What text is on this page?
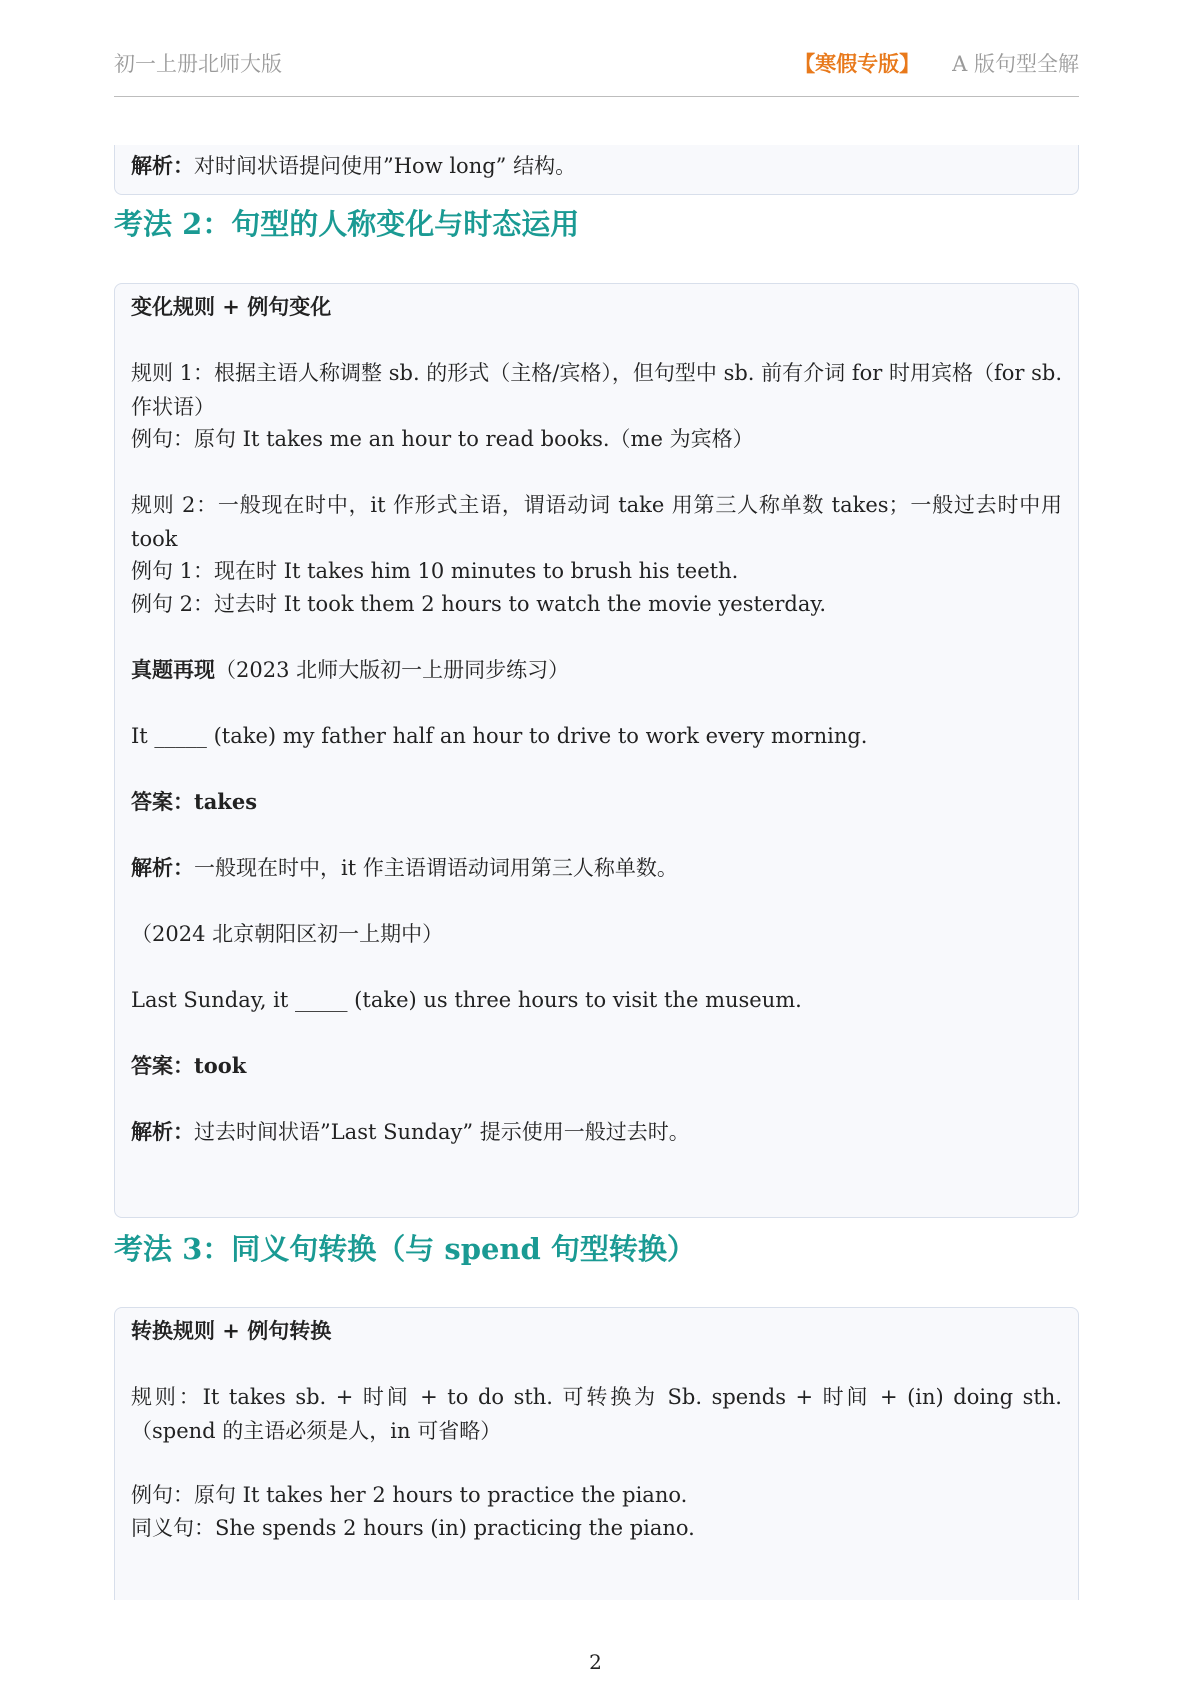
初一上册北师大版	【寒假专版】 A 版句型全解
解析：对时间状语提问使用”How long” 结构。
考法 2：句型的人称变化与时态运用
变化规则 + 例句变化
规则 1：根据主语人称调整 sb. 的形式（主格/宾格），但句型中 sb. 前有介词 for 时用宾格（for sb. 作状语）
例句：原句 It takes me an hour to read books.（me 为宾格）
规则 2：一般现在时中，it 作形式主语，谓语动词 take 用第三人称单数 takes；一般过去时中用 took
例句 1：现在时 It takes him 10 minutes to brush his teeth.
例句 2：过去时 It took them 2 hours to watch the movie yesterday.
真题再现（2023 北师大版初一上册同步练习）
It _____ (take) my father half an hour to drive to work every morning.
答案：takes
解析：一般现在时中，it 作主语谓语动词用第三人称单数。
（2024 北京朝阳区初一上期中）
Last Sunday, it _____ (take) us three hours to visit the museum.
答案：took
解析：过去时间状语”Last Sunday” 提示使用一般过去时。
考法 3：同义句转换（与 spend 句型转换）
转换规则 + 例句转换
规则：It takes sb. + 时间 + to do sth. 可转换为 Sb. spends + 时间 + (in) doing sth.（spend 的主语必须是人，in 可省略）
例句：原句 It takes her 2 hours to practice the piano.
同义句：She spends 2 hours (in) practicing the piano.
2
